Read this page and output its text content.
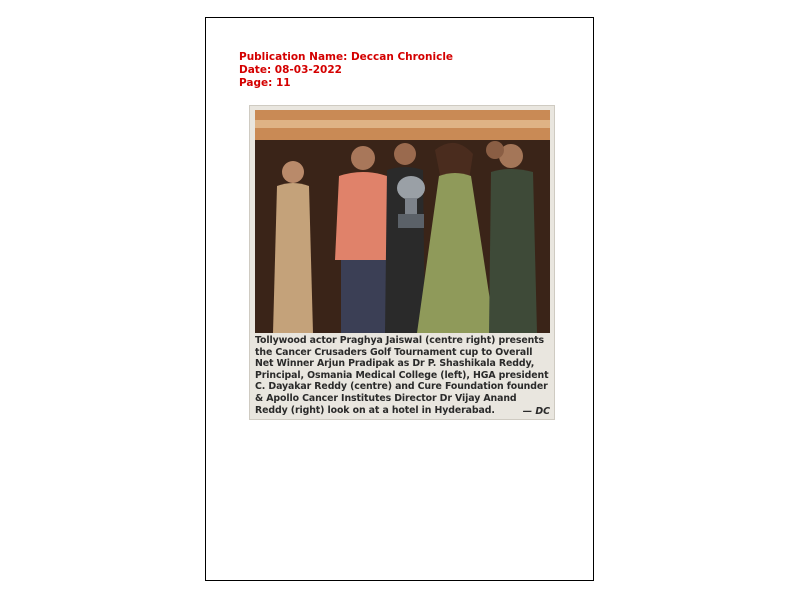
Publication Name: Deccan Chronicle
Date: 08-03-2022
Page: 11
Tollywood actor Praghya Jaiswal (centre right) presents
the Cancer Crusaders Golf Tournament cup to Overall
Net Winner Arjun Pradipak as Dr P. Shashikala Reddy,
Principal, Osmania Medical College (left), HGA president
C. Dayakar Reddy (centre) and Cure Foundation founder
& Apollo Cancer Institutes Director Dr Vijay Anand
Reddy (right) look on at a hotel in Hyderabad.	— DC
